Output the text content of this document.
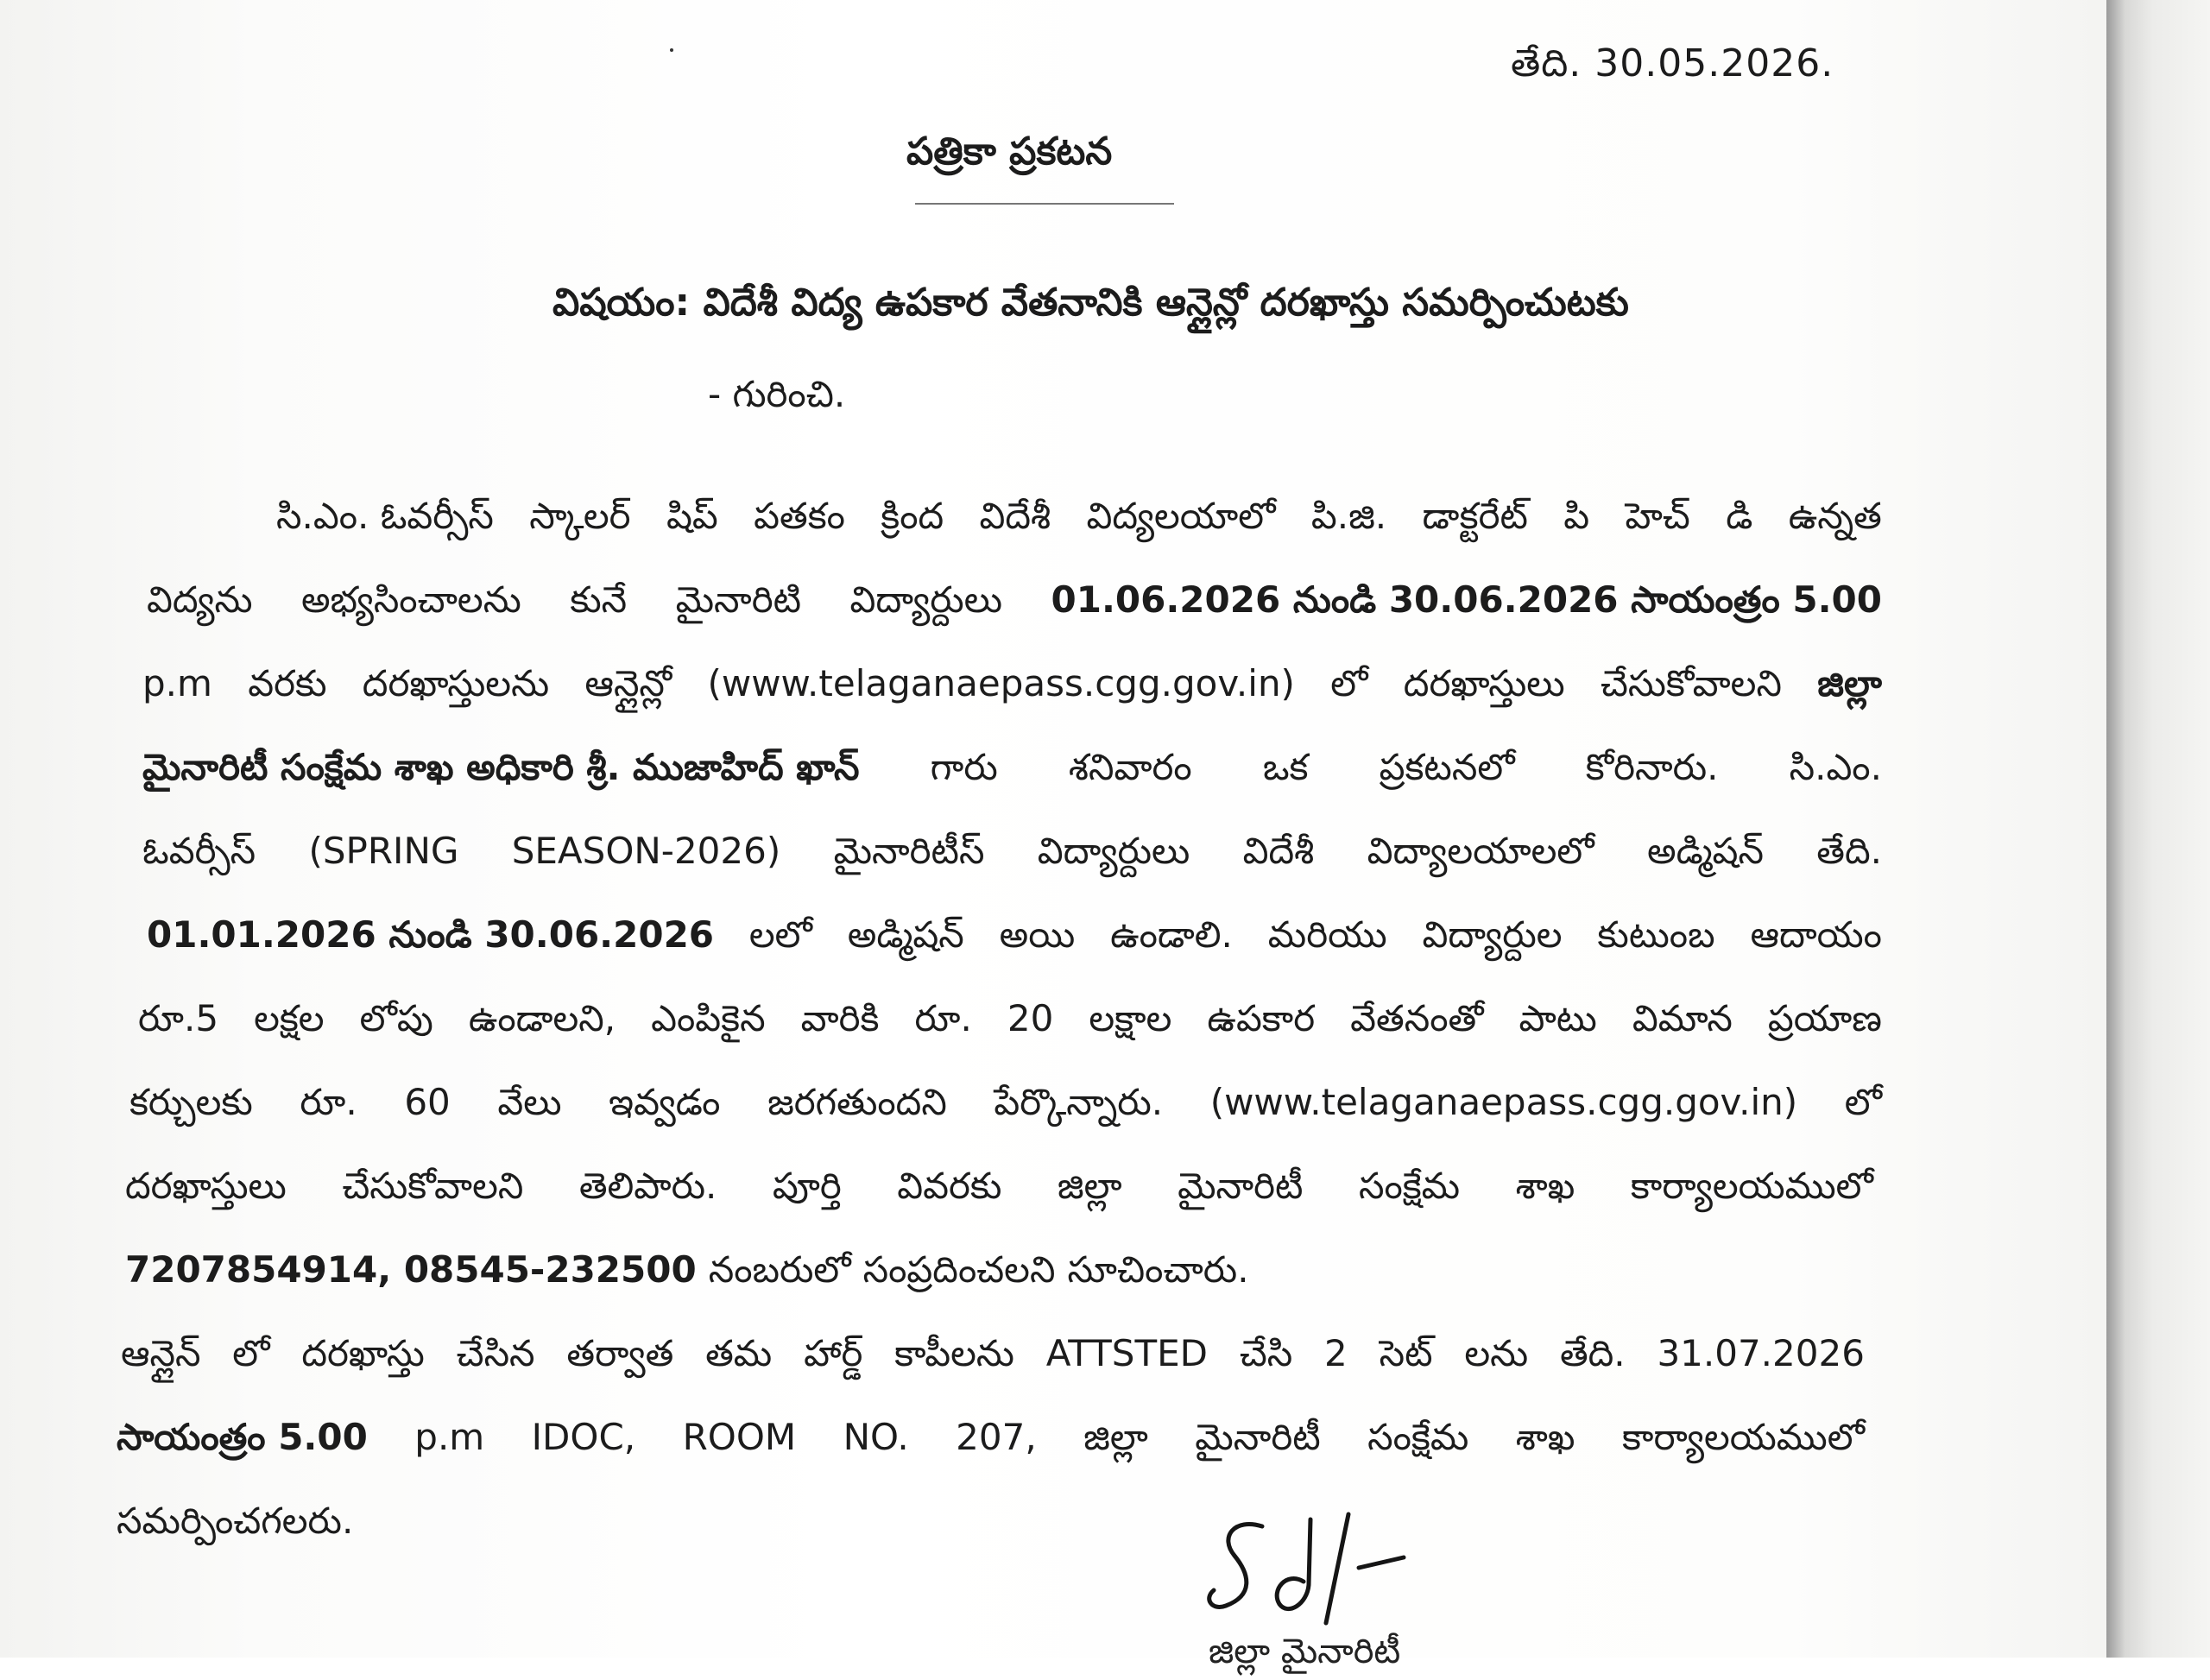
తేది. 30.05.2026.
పత్రికా ప్రకటన
విషయం: విదేశీ విద్య ఉపకార వేతనానికి ఆన్లైన్లో దరఖాస్తు సమర్పించుటకు
- గురించి.
సి.ఎం. ఓవర్సీస్ స్కాలర్ షిప్ పతకం క్రింద విదేశీ విద్యలయాలో పి.జి. డాక్టరేట్ పి హెచ్ డి ఉన్నత
విద్యను అభ్యసించాలను కునే మైనారిటి విద్యార్దులు 01.06.2026 నుండి 30.06.2026 సాయంత్రం 5.00
p.m వరకు దరఖాస్తులను ఆన్లైన్లో (www.telaganaepass.cgg.gov.in) లో దరఖాస్తులు చేసుకోవాలని జిల్లా
మైనారిటీ సంక్షేమ శాఖ అధికారి శ్రీ. ముజాహిద్ ఖాన్ గారు శనివారం ఒక ప్రకటనలో కోరినారు. సి.ఎం.
ఓవర్సీస్ (SPRING SEASON-2026) మైనారిటీస్ విద్యార్దులు విదేశీ విద్యాలయాలలో అడ్మిషన్ తేది.
01.01.2026 నుండి 30.06.2026 లలో అడ్మిషన్ అయి ఉండాలి. మరియు విద్యార్దుల కుటుంబ ఆదాయం
రూ.5 లక్షల లోపు ఉండాలని, ఎంపికైన వారికి రూ. 20 లక్షాల ఉపకార వేతనంతో పాటు విమాన ప్రయాణ
కర్చులకు రూ. 60 వేలు ఇవ్వడం జరగతుందని పేర్కొన్నారు. (www.telaganaepass.cgg.gov.in) లో
దరఖాస్తులు చేసుకోవాలని తెలిపారు. పూర్తి వివరకు జిల్లా మైనారిటీ సంక్షేమ శాఖ కార్యాలయములో
7207854914, 08545-232500 నంబరులో సంప్రదించలని సూచించారు.
ఆన్లైన్ లో దరఖాస్తు చేసిన తర్వాత తమ హార్డ్ కాపీలను ATTSTED చేసి 2 సెట్ లను తేది. 31.07.2026
సాయంత్రం 5.00 p.m IDOC, ROOM NO. 207, జిల్లా మైనారిటీ సంక్షేమ శాఖ కార్యాలయములో
సమర్పించగలరు.	Sd/-
జిల్లా మైనారిటీ
